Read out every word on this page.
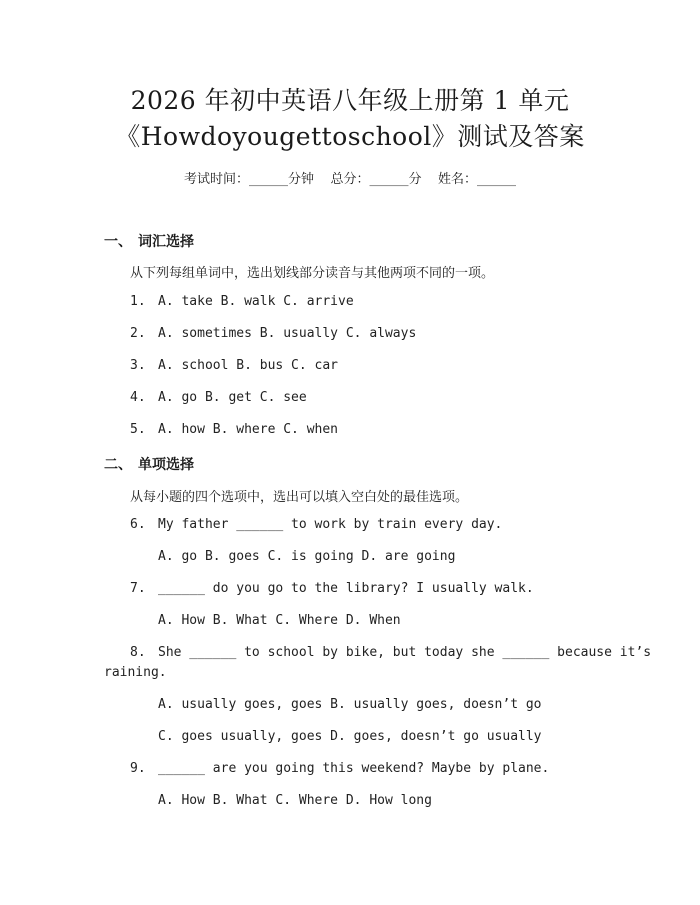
2026 年初中英语八年级上册第 1 单元
《Howdoyougettoschool》测试及答案
考试时间：______分钟    总分：______分    姓名：______
一、 词汇选择
从下列每组单词中，选出划线部分读音与其他两项不同的一项。
1. A. take B. walk C. arrive
2. A. sometimes B. usually C. always
3. A. school B. bus C. car
4. A. go B. get C. see
5. A. how B. where C. when
二、 单项选择
从每小题的四个选项中，选出可以填入空白处的最佳选项。
6. My father ______ to work by train every day.
A. go B. goes C. is going D. are going
7. ______ do you go to the library? I usually walk.
A. How B. What C. Where D. When
8. She ______ to school by bike, but today she ______ because it’s
raining.
A. usually goes, goes B. usually goes, doesn’t go
C. goes usually, goes D. goes, doesn’t go usually
9. ______ are you going this weekend? Maybe by plane.
A. How B. What C. Where D. How long
